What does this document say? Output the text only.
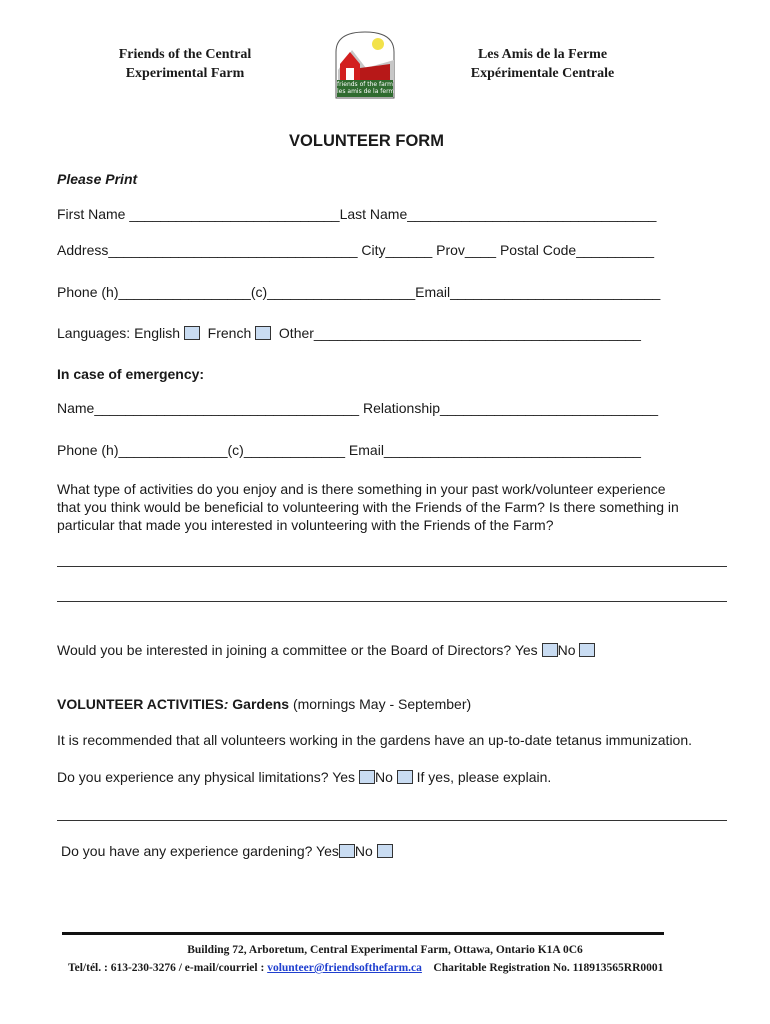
Friends of the Central
Experimental Farm
friends of the farm
les amis de la ferme
Les Amis de la Ferme
Expérimentale Centrale
VOLUNTEER FORM
Please Print
First Name ___________________________Last Name________________________________
Address________________________________ City______ Prov____ Postal Code__________
Phone (h)_________________(c)___________________Email___________________________
Languages: English French Other__________________________________________
In case of emergency:
Name__________________________________ Relationship____________________________
Phone (h)______________(c)_____________ Email_________________________________
What type of activities do you enjoy and is there something in your past work/volunteer experience
that you think would be beneficial to volunteering with the Friends of the Farm? Is there something in
particular that made you interested in volunteering with the Friends of the Farm?
Would you be interested in joining a committee or the Board of Directors? Yes No
VOLUNTEER ACTIVITIES: Gardens (mornings May - September)
It is recommended that all volunteers working in the gardens have an up-to-date tetanus immunization.
Do you experience any physical limitations? Yes No If yes, please explain.
Do you have any experience gardening? Yes No
Building 72, Arboretum, Central Experimental Farm, Ottawa, Ontario K1A 0C6
Tel/tél. : 613-230-3276 / e-mail/courriel : volunteer@friendsofthefarm.ca Charitable Registration No. 118913565RR0001
